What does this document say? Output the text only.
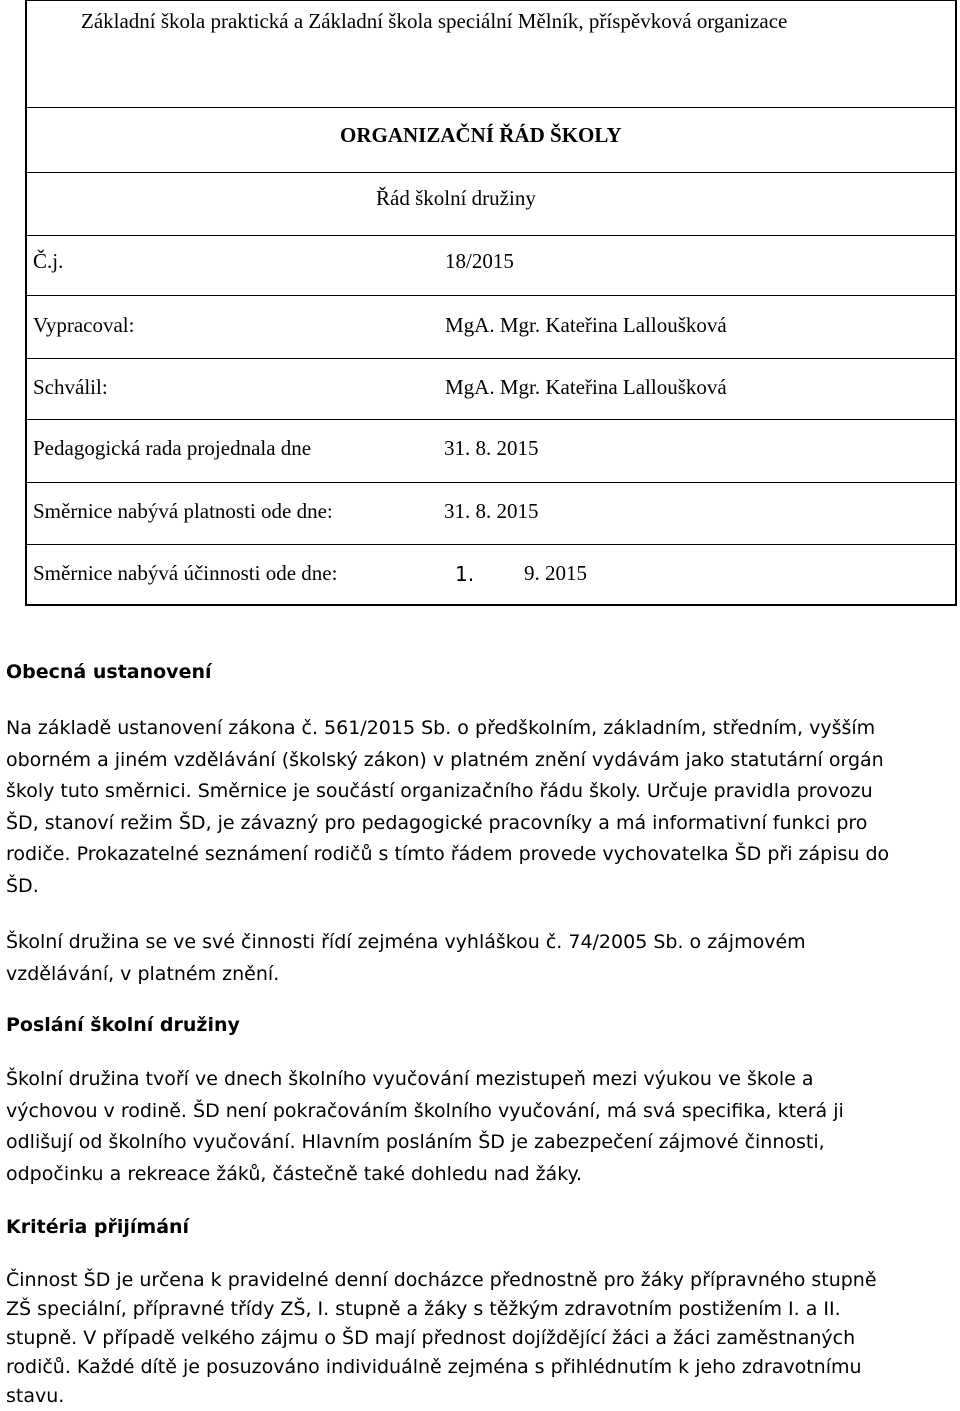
Základní škola praktická a Základní škola speciální Mělník, příspěvková organizace
ORGANIZAČNÍ ŘÁD ŠKOLY
Řád školní družiny
Č.j.	18/2015
Vypracoval:	MgA. Mgr. Kateřina Lalloušková
Schválil:	MgA. Mgr. Kateřina Lalloušková
Pedagogická rada projednala dne	31. 8. 2015
Směrnice nabývá platnosti ode dne:	31. 8. 2015
Směrnice nabývá účinnosti ode dne:	1. 9. 2015
Obecná ustanovení
Na základě ustanovení zákona č. 561/2015 Sb. o předškolním, základním, středním, vyšším
oborném a jiném vzdělávání (školský zákon) v platném znění vydávám jako statutární orgán
školy tuto směrnici. Směrnice je součástí organizačního řádu školy. Určuje pravidla provozu
ŠD, stanoví režim ŠD, je závazný pro pedagogické pracovníky a má informativní funkci pro
rodiče. Prokazatelné seznámení rodičů s tímto řádem provede vychovatelka ŠD při zápisu do
ŠD.
Školní družina se ve své činnosti řídí zejména vyhláškou č. 74/2005 Sb. o zájmovém
vzdělávání, v platném znění.
Poslání školní družiny
Školní družina tvoří ve dnech školního vyučování mezistupeň mezi výukou ve škole a
výchovou v rodině. ŠD není pokračováním školního vyučování, má svá specifika, která ji
odlišují od školního vyučování. Hlavním posláním ŠD je zabezpečení zájmové činnosti,
odpočinku a rekreace žáků, částečně také dohledu nad žáky.
Kritéria přijímání
Činnost ŠD je určena k pravidelné denní docházce přednostně pro žáky přípravného stupně
ZŠ speciální, přípravné třídy ZŠ, I. stupně a žáky s těžkým zdravotním postižením I. a II.
stupně. V případě velkého zájmu o ŠD mají přednost dojíždějící žáci a žáci zaměstnaných
rodičů. Každé dítě je posuzováno individuálně zejména s přihlédnutím k jeho zdravotnímu
stavu.
